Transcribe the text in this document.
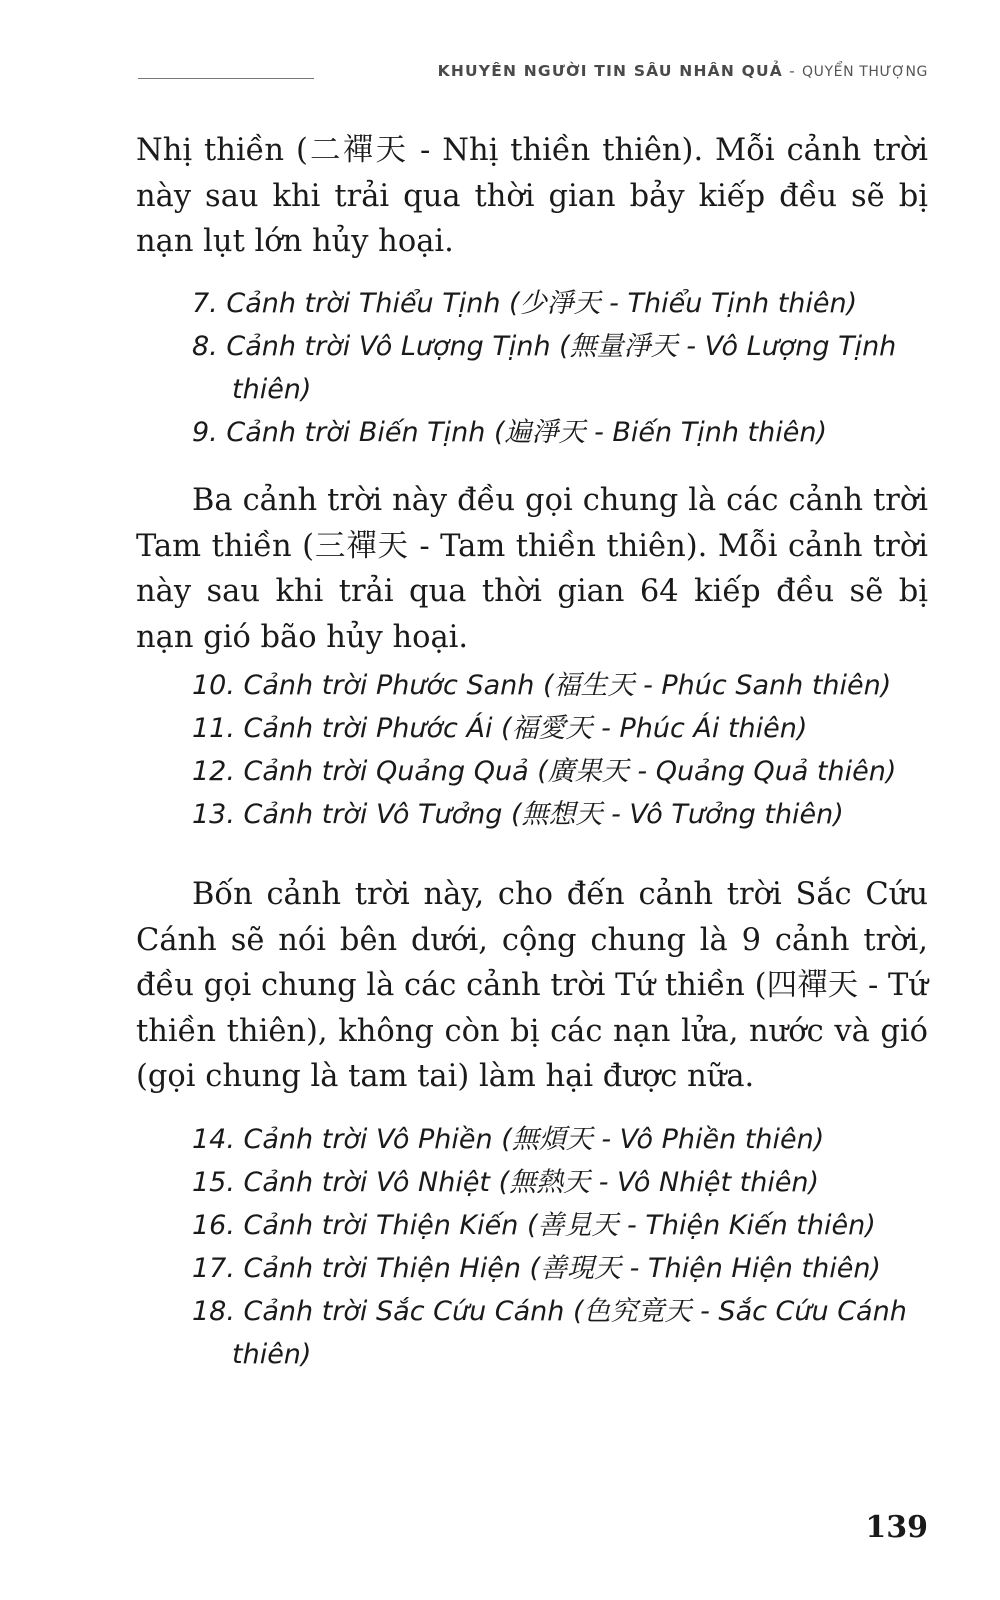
KHUYÊN NGƯỜI TIN SÂU NHÂN QUẢ - QUYỂN THƯỢNG

Nhị thiền (二禪天 - Nhị thiền thiên). Mỗi cảnh trời này sau khi trải qua thời gian bảy kiếp đều sẽ bị nạn lụt lớn hủy hoại.

7. Cảnh trời Thiểu Tịnh (少淨天 - Thiểu Tịnh thiên)
8. Cảnh trời Vô Lượng Tịnh (無量淨天 - Vô Lượng Tịnh thiên)
9. Cảnh trời Biến Tịnh (遍淨天 - Biến Tịnh thiên)

Ba cảnh trời này đều gọi chung là các cảnh trời Tam thiền (三禪天 - Tam thiền thiên). Mỗi cảnh trời này sau khi trải qua thời gian 64 kiếp đều sẽ bị nạn gió bão hủy hoại.

10. Cảnh trời Phước Sanh (福生天 - Phúc Sanh thiên)
11. Cảnh trời Phước Ái (福愛天 - Phúc Ái thiên)
12. Cảnh trời Quảng Quả (廣果天 - Quảng Quả thiên)
13. Cảnh trời Vô Tưởng (無想天 - Vô Tưởng thiên)

Bốn cảnh trời này, cho đến cảnh trời Sắc Cứu Cánh sẽ nói bên dưới, cộng chung là 9 cảnh trời, đều gọi chung là các cảnh trời Tứ thiền (四禪天 - Tứ thiền thiên), không còn bị các nạn lửa, nước và gió (gọi chung là tam tai) làm hại được nữa.

14. Cảnh trời Vô Phiền (無煩天 - Vô Phiền thiên)
15. Cảnh trời Vô Nhiệt (無熱天 - Vô Nhiệt thiên)
16. Cảnh trời Thiện Kiến (善見天 - Thiện Kiến thiên)
17. Cảnh trời Thiện Hiện (善現天 - Thiện Hiện thiên)
18. Cảnh trời Sắc Cứu Cánh (色究竟天 - Sắc Cứu Cánh thiên)
139
